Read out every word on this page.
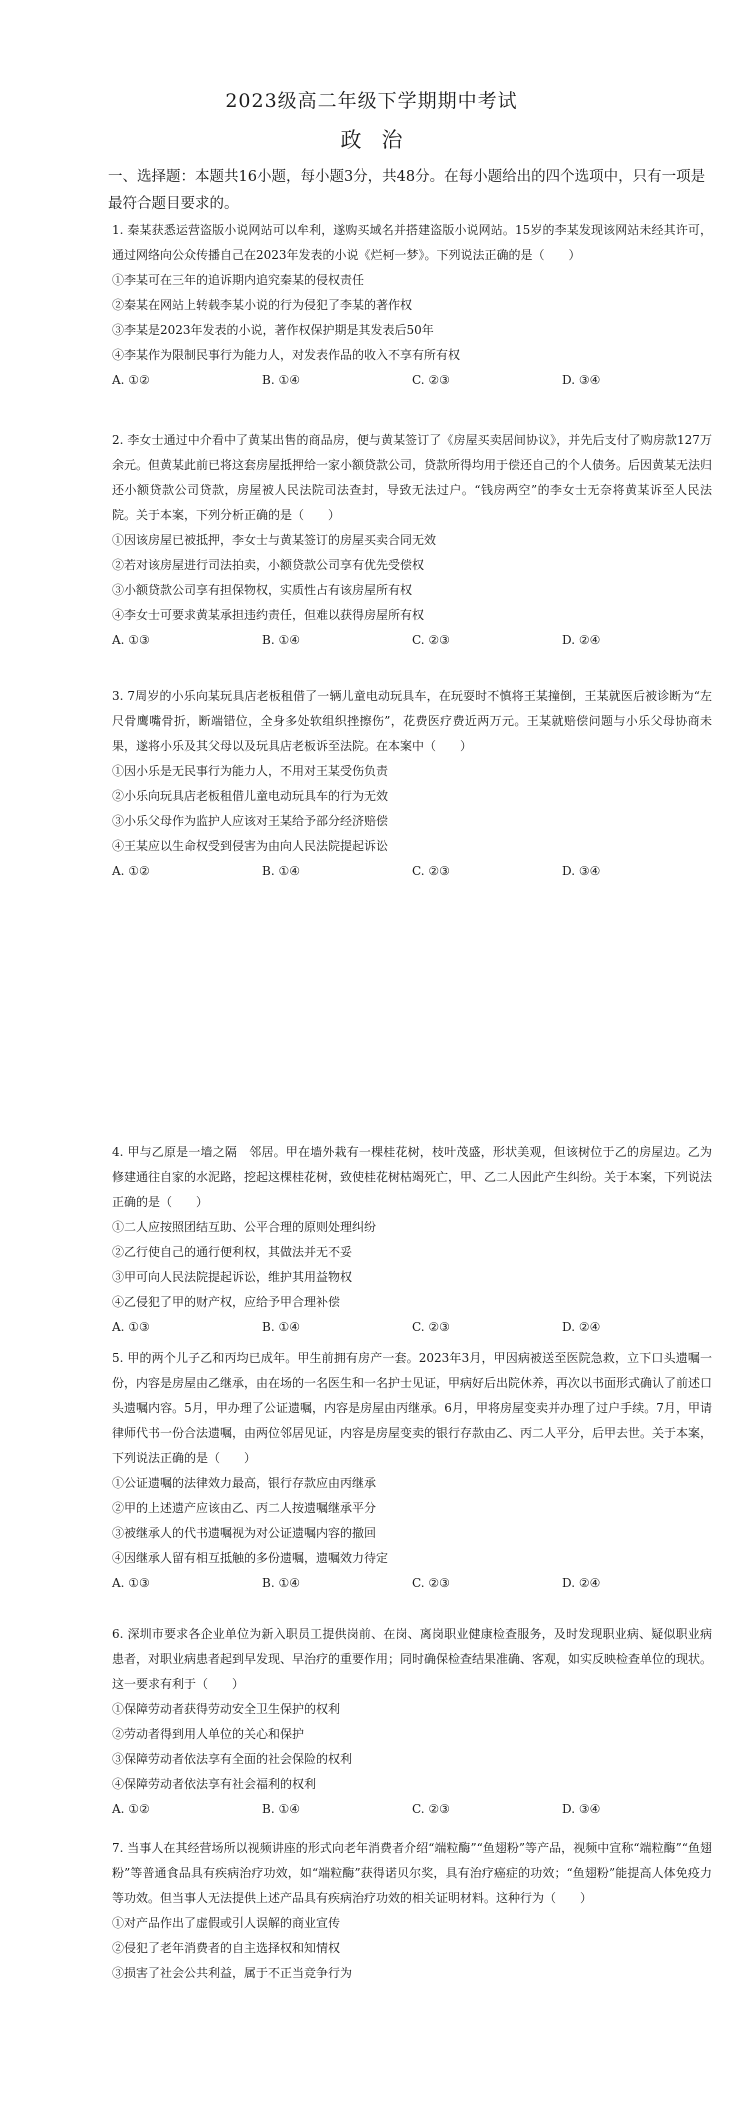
2023级高二年级下学期期中考试
政治
一、选择题：本题共16小题，每小题3分，共48分。在每小题给出的四个选项中，只有一项是最符合题目要求的。

1. 秦某获悉运营盗版小说网站可以牟利，遂购买域名并搭建盗版小说网站。15岁的李某发现该网站未经其许可，通过网络向公众传播自己在2023年发表的小说《烂柯一梦》。下列说法正确的是（　　）

①李某可在三年的追诉期内追究秦某的侵权责任

②秦某在网站上转载李某小说的行为侵犯了李某的著作权

③李某是2023年发表的小说，著作权保护期是其发表后50年

④李某作为限制民事行为能力人，对发表作品的收入不享有所有权

A. ①②	B. ①④	C. ②③	D. ③④

2. 李女士通过中介看中了黄某出售的商品房，便与黄某签订了《房屋买卖居间协议》，并先后支付了购房款127万余元。但黄某此前已将这套房屋抵押给一家小额贷款公司，贷款所得均用于偿还自己的个人债务。后因黄某无法归还小额贷款公司贷款，房屋被人民法院司法查封，导致无法过户。“钱房两空”的李女士无奈将黄某诉至人民法院。关于本案，下列分析正确的是（　　）

①因该房屋已被抵押，李女士与黄某签订的房屋买卖合同无效

②若对该房屋进行司法拍卖，小额贷款公司享有优先受偿权

③小额贷款公司享有担保物权，实质性占有该房屋所有权

④李女士可要求黄某承担违约责任，但难以获得房屋所有权

A. ①③	B. ①④	C. ②③	D. ②④

3. 7周岁的小乐向某玩具店老板租借了一辆儿童电动玩具车，在玩耍时不慎将王某撞倒，王某就医后被诊断为“左尺骨鹰嘴骨折，断端错位，全身多处软组织挫擦伤”，花费医疗费近两万元。王某就赔偿问题与小乐父母协商未果，遂将小乐及其父母以及玩具店老板诉至法院。在本案中（　　）

①因小乐是无民事行为能力人，不用对王某受伤负责

②小乐向玩具店老板租借儿童电动玩具车的行为无效

③小乐父母作为监护人应该对王某给予部分经济赔偿

④王某应以生命权受到侵害为由向人民法院提起诉讼

A. ①②	B. ①④	C. ②③	D. ③④

4. 甲与乙原是一墙之隔　邻居。甲在墙外栽有一棵桂花树，枝叶茂盛，形状美观，但该树位于乙的房屋边。乙为修建通往自家的水泥路，挖起这棵桂花树，致使桂花树枯竭死亡，甲、乙二人因此产生纠纷。关于本案，下列说法正确的是（　　）

①二人应按照团结互助、公平合理的原则处理纠纷

②乙行使自己的通行便利权，其做法并无不妥

③甲可向人民法院提起诉讼，维护其用益物权

④乙侵犯了甲的财产权，应给予甲合理补偿

A. ①③	B. ①④	C. ②③	D. ②④

5. 甲的两个儿子乙和丙均已成年。甲生前拥有房产一套。2023年3月，甲因病被送至医院急救，立下口头遗嘱一份，内容是房屋由乙继承，由在场的一名医生和一名护士见证，甲病好后出院休养，再次以书面形式确认了前述口头遗嘱内容。5月，甲办理了公证遗嘱，内容是房屋由丙继承。6月，甲将房屋变卖并办理了过户手续。7月，甲请律师代书一份合法遗嘱，由两位邻居见证，内容是房屋变卖的银行存款由乙、丙二人平分，后甲去世。关于本案，下列说法正确的是（　　）

①公证遗嘱的法律效力最高，银行存款应由丙继承

②甲的上述遗产应该由乙、丙二人按遗嘱继承平分

③被继承人的代书遗嘱视为对公证遗嘱内容的撤回

④因继承人留有相互抵触的多份遗嘱，遗嘱效力待定

A. ①③	B. ①④	C. ②③	D. ②④

6. 深圳市要求各企业单位为新入职员工提供岗前、在岗、离岗职业健康检查服务，及时发现职业病、疑似职业病患者，对职业病患者起到早发现、早治疗的重要作用；同时确保检查结果准确、客观，如实反映检查单位的现状。这一要求有利于（　　）

①保障劳动者获得劳动安全卫生保护的权利

②劳动者得到用人单位的关心和保护

③保障劳动者依法享有全面的社会保险的权利

④保障劳动者依法享有社会福利的权利

A. ①②	B. ①④	C. ②③	D. ③④

7. 当事人在其经营场所以视频讲座的形式向老年消费者介绍“端粒酶”“鱼翅粉”等产品，视频中宣称“端粒酶”“鱼翅粉”等普通食品具有疾病治疗功效，如“端粒酶”获得诺贝尔奖，具有治疗癌症的功效；“鱼翅粉”能提高人体免疫力等功效。但当事人无法提供上述产品具有疾病治疗功效的相关证明材料。这种行为（　　）

①对产品作出了虚假或引人误解的商业宣传

②侵犯了老年消费者的自主选择权和知情权

③损害了社会公共利益，属于不正当竞争行为
